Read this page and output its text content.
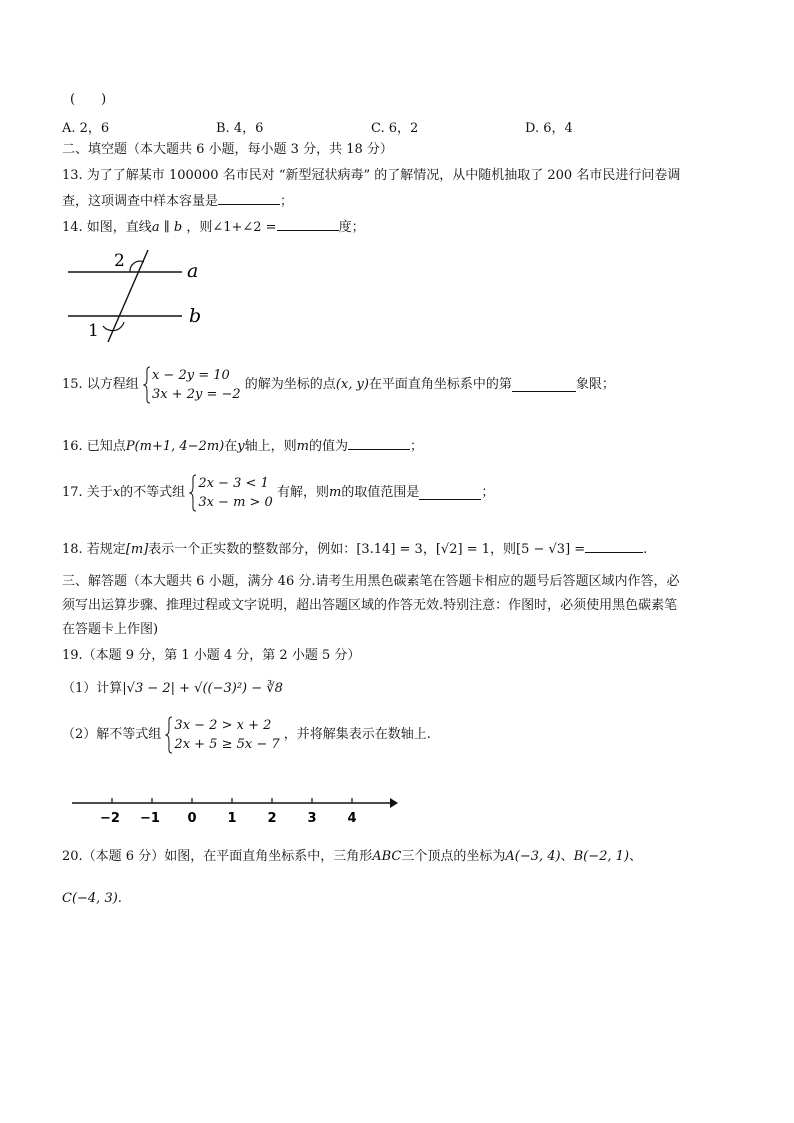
(　　)
A. 2，6	B. 4，6	C. 6，2	D. 6，4
二、填空题（本大题共 6 小题，每小题 3 分，共 18 分）
13. 为了了解某市 100000 名市民对 “新型冠状病毒” 的了解情况，从中随机抽取了 200 名市民进行问卷调
查，这项调查中样本容量是	；
14. 如图，直线a ∥ b ，则∠1+∠2 =	度；
2
1
a
b
15. 以方程组
x − 2y = 10
3x + 2y = −2
的解为坐标的点(x, y)在平面直角坐标系中的第	象限；
16. 已知点P(m+1, 4−2m)在y轴上，则m的值为	；
17. 关于x的不等式组
2x − 3 < 1
3x − m > 0
有解，则m的取值范围是	；
18. 若规定[m]表示一个正实数的整数部分，例如：[3.14] = 3，[√2] = 1，则[5 − √3] =	.
三、解答题（本大题共 6 小题，满分 46 分.请考生用黑色碳素笔在答题卡相应的题号后答题区域内作答，必
须写出运算步骤、推理过程或文字说明，超出答题区域的作答无效.特别注意：作图时，必须使用黑色碳素笔
在答题卡上作图)
19.（本题 9 分，第 1 小题 4 分，第 2 小题 5 分）
（1）计算|√3 − 2| + √((−3)²) − ∛8
（2）解不等式组
3x − 2 > x + 2
2x + 5 ≥ 5x − 7
，并将解集表示在数轴上.
−2 −1 0 1 2 3 4
20.（本题 6 分）如图，在平面直角坐标系中，三角形ABC三个顶点的坐标为A(−3, 4)、B(−2, 1)、
C(−4, 3).
